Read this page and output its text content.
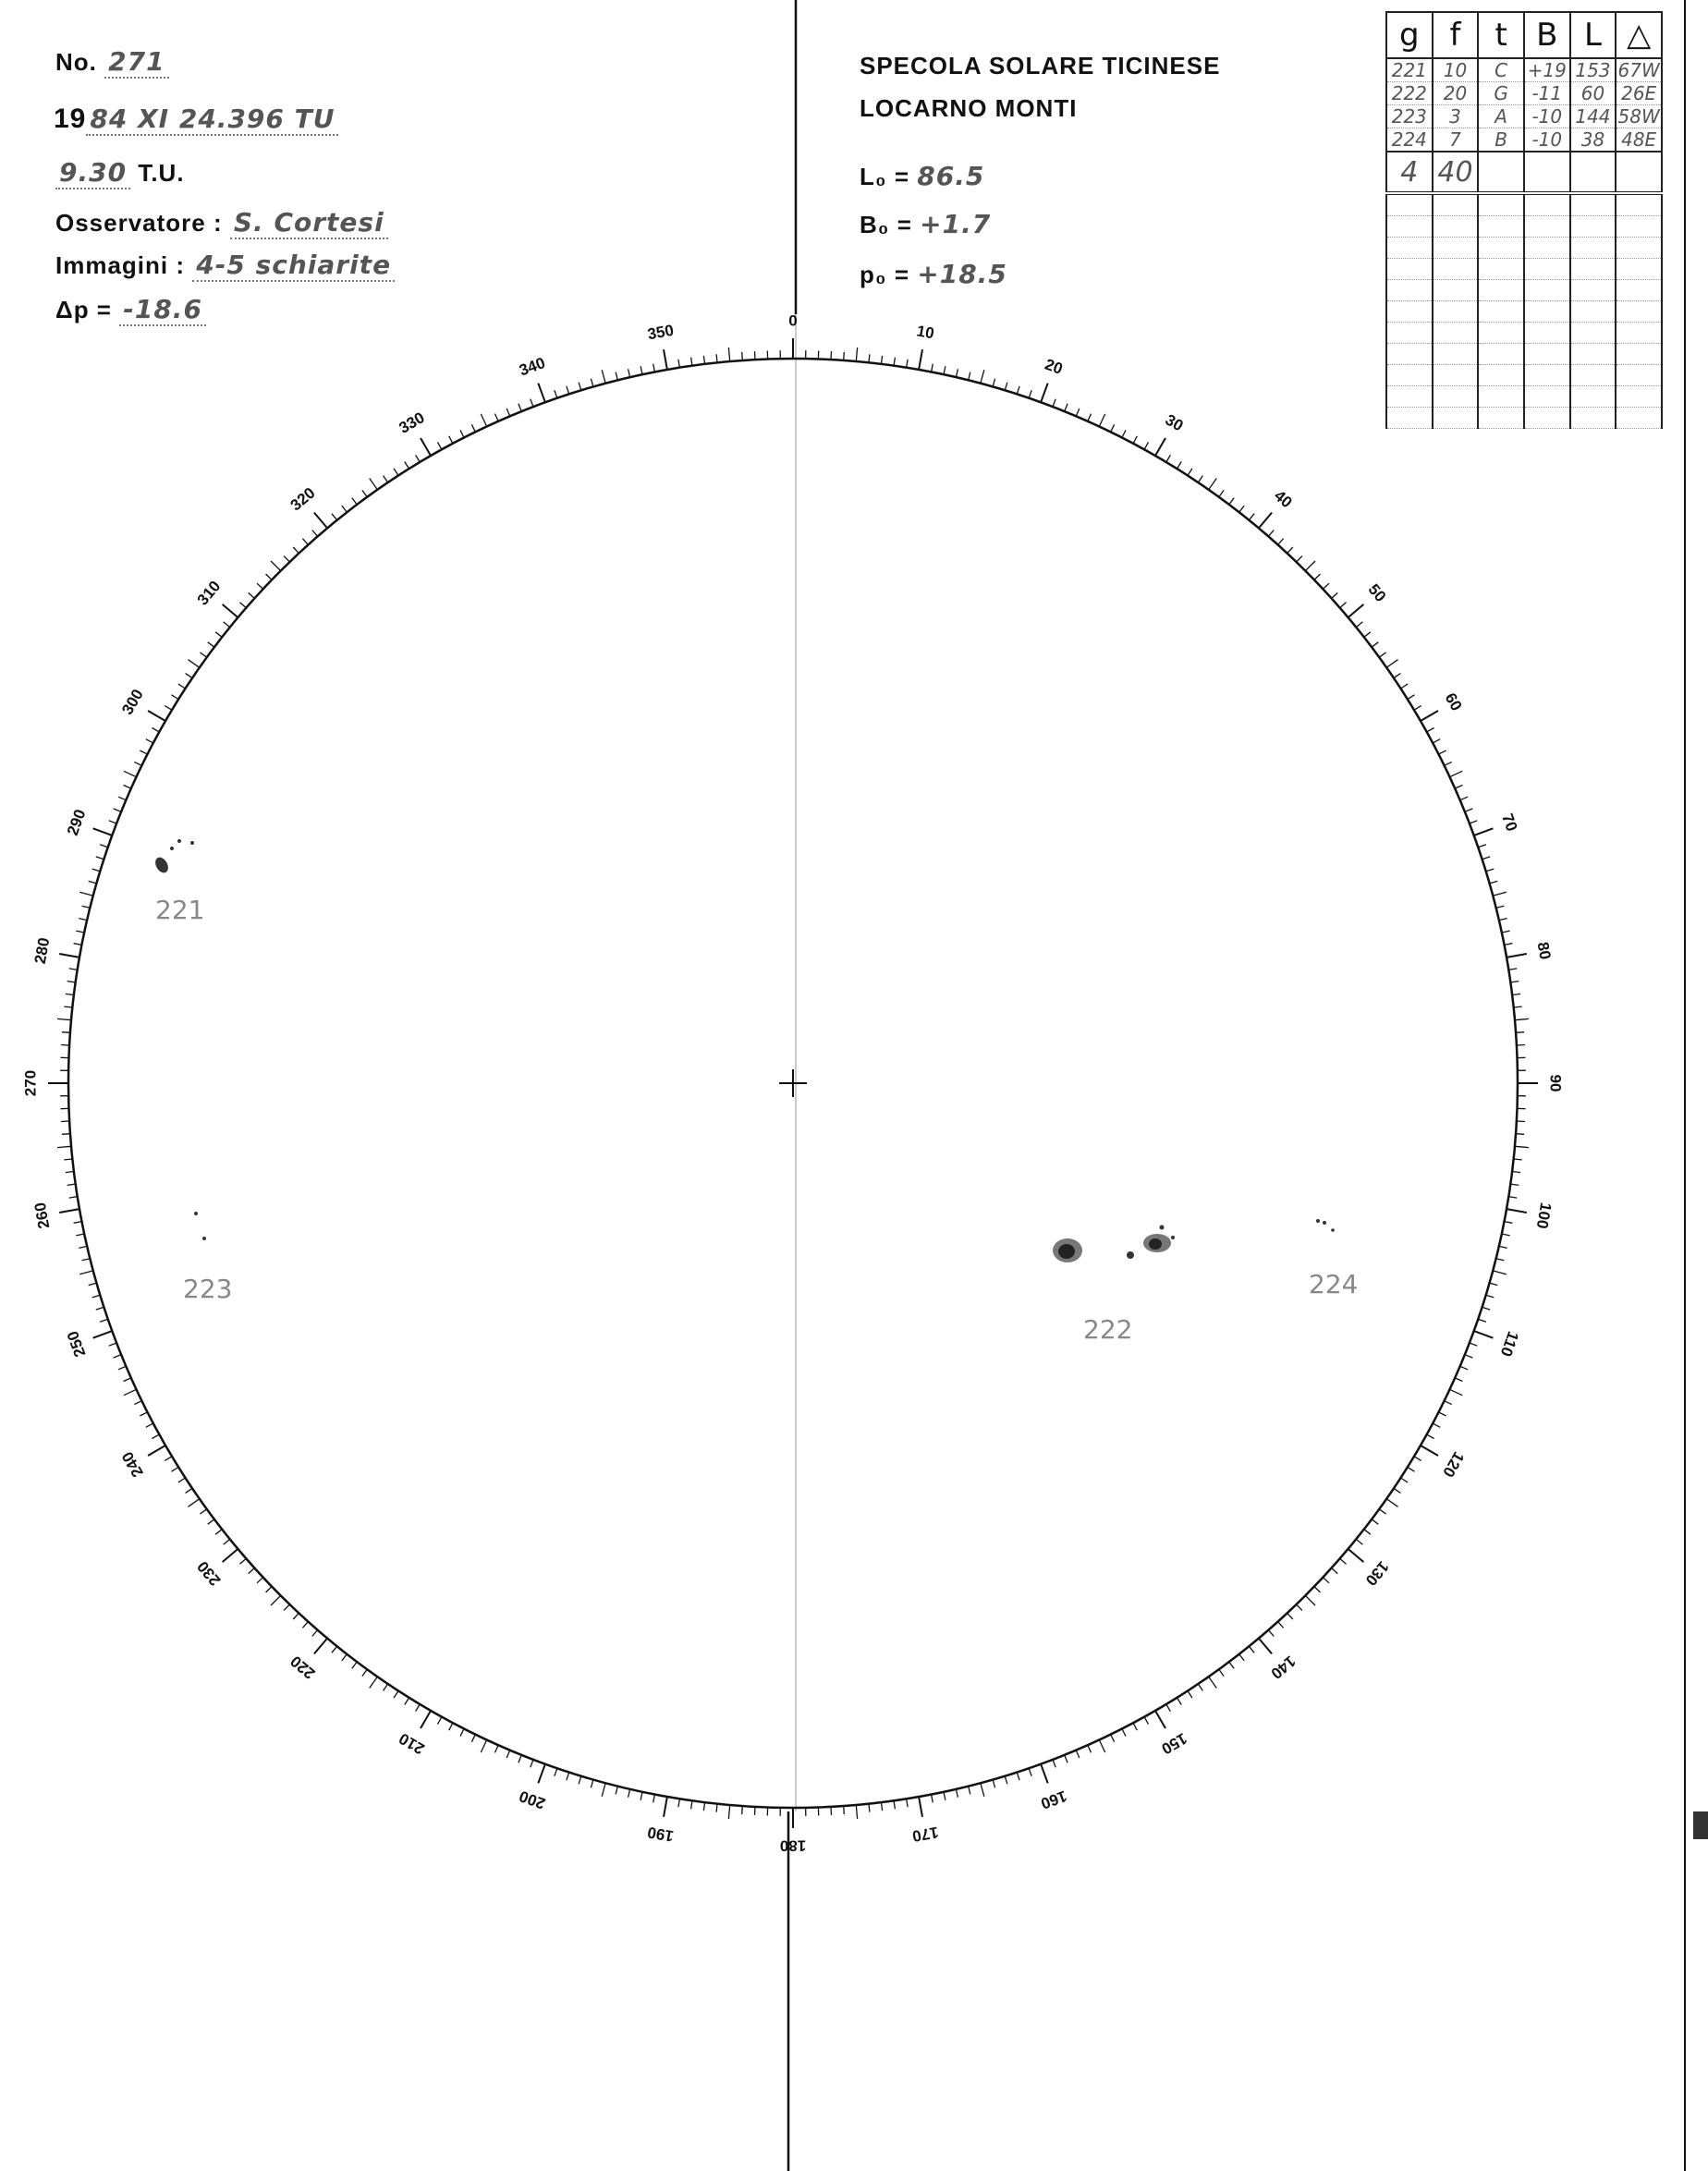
No. 271
19 84 XI 24.396 TU
9.30 T.U.
Osservatore : S. Cortesi
Immagini : 4-5 schiarite
Δp = -18.6
SPECOLA SOLARE TICINESE
LOCARNO MONTI
L₀ = 86.5
B₀ = +1.7
p₀ = +18.5
g	f	t	B	L	△
221	10	C	+19	153	67W
222	20	G	-11	60	26E
223	3	A	-10	144	58W
224	7	B	-10	38	48E
4	40				

0
10
20
30
40
50
60
70
80
90
100
110
120
130
140
150
160
170
180
190
200
210
220
230
240
250
260
270
280
290
300
310
320
330
340
350
221
223
222
224
